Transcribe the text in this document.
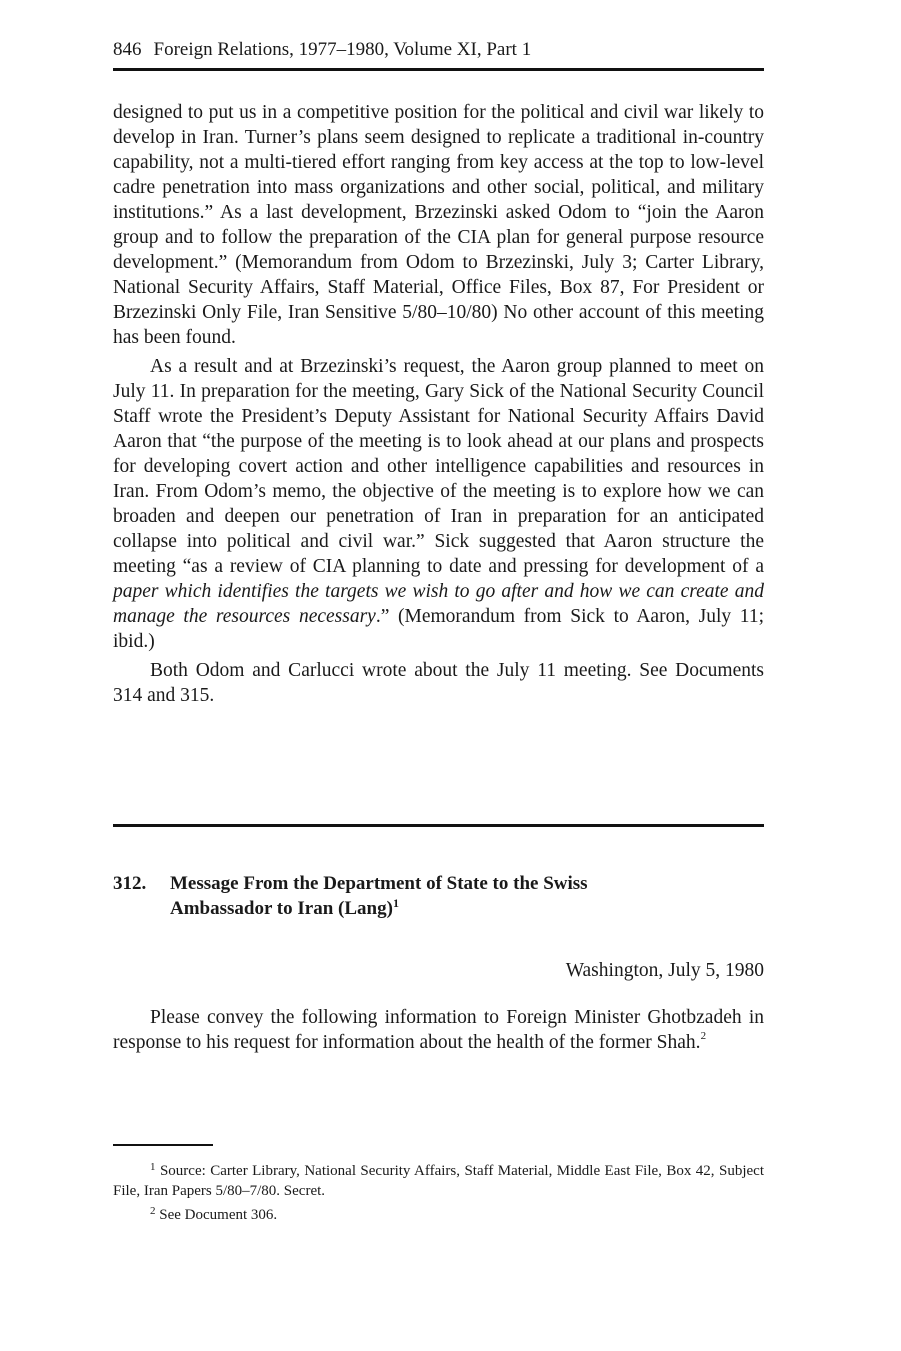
846 Foreign Relations, 1977–1980, Volume XI, Part 1

designed to put us in a competitive position for the political and civil war likely to develop in Iran. Turner’s plans seem designed to replicate a traditional in-country capability, not a multi-tiered effort ranging from key access at the top to low-level cadre penetration into mass organizations and other social, political, and military institutions.” As a last development, Brzezinski asked Odom to “join the Aaron group and to follow the preparation of the CIA plan for general purpose resource development.” (Memorandum from Odom to Brzezinski, July 3; Carter Library, National Security Affairs, Staff Material, Office Files, Box 87, For President or Brzezinski Only File, Iran Sensitive 5/80–10/80) No other account of this meeting has been found.

As a result and at Brzezinski’s request, the Aaron group planned to meet on July 11. In preparation for the meeting, Gary Sick of the National Security Council Staff wrote the President’s Deputy Assistant for National Security Affairs David Aaron that “the purpose of the meeting is to look ahead at our plans and prospects for developing covert action and other intelligence capabilities and resources in Iran. From Odom’s memo, the objective of the meeting is to explore how we can broaden and deepen our penetration of Iran in preparation for an anticipated collapse into political and civil war.” Sick suggested that Aaron structure the meeting “as a review of CIA planning to date and pressing for development of a paper which identifies the targets we wish to go after and how we can create and manage the resources necessary.” (Memorandum from Sick to Aaron, July 11; ibid.)

Both Odom and Carlucci wrote about the July 11 meeting. See Documents 314 and 315.

312. Message From the Department of State to the Swiss Ambassador to Iran (Lang)$^1$
Washington, July 5, 1980

Please convey the following information to Foreign Minister Ghotbzadeh in response to his request for information about the health of the former Shah.$^2$

$^1$ Source: Carter Library, National Security Affairs, Staff Material, Middle East File, Box 42, Subject File, Iran Papers 5/80–7/80. Secret.

$^2$ See Document 306.
